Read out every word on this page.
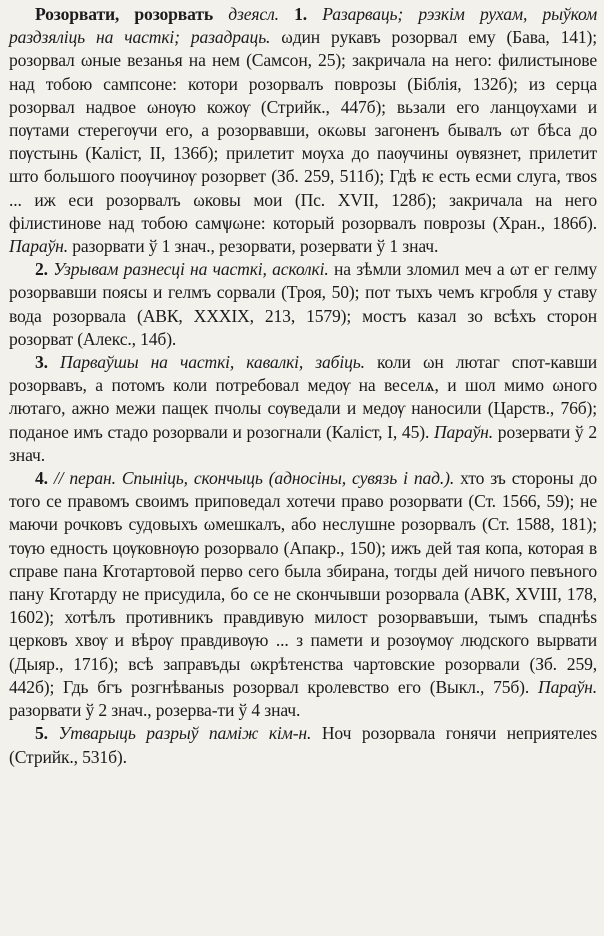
Розорвати, розорвать дзеясл. 1. Разарваць; рэзкім рухам, рыўком раздзяліць на часткі; разадраць. ωдин рукавъ розорвал ему (Бава, 141); розорвал ωные везанья на нем (Самсон, 25); закричала на него: филистынове над тобою сампсоне: котори розорвалъ поврозы (Біблія, 132б); из серца розорвал надвое ωнѹю кожѹ (Стрийк., 447б); вьзали его ланцѹхами и пѹтами стерегѹчи его, а розорвавши, окωвы загоненъ бывалъ ωт бѣса до пѹстынь (Каліст, II, 136б); прилетит мѹха до паѹчины ѹвязнет, прилетит што большого поѹчинѹ розорвет (Зб. 259, 511б); Гдѣ ѥ есть есми слуга, твоѕ ... иж еси розорвалъ ωковы мои (Пс. XVII, 128б); закричала на него філистинове над тобою самѱωне: который розорвалъ поврозы (Хран., 186б). Параўн. разорвати ў 1 знач., резорвати, розервати ў 1 знач.

2. Узрывам разнесці на часткі, асколкі. на зѣмли зломил меч а ωт ег гелму розорвавши поясы и гелмъ сорвали (Троя, 50); пот тыхъ чемъ кгробля у ставу вода розорвала (АВК, XXXIX, 213, 1579); мостъ казал зо всѣхъ сторон розорват (Алекс., 14б).

3. Парваўшы на часткі, кавалкі, забіць. коли ωн лютаг спот-кавши розорвавъ, а потомъ коли потребовал медѹ на веселѧ, и шол мимо ωного лютаго, ажно межи пащек пчолы сѹведали и медѹ наносили (Царств., 76б); поданое имъ стадо розорвали и розогнали (Каліст, I, 45). Параўн. розервати ў 2 знач.

4. // перан. Спыніць, скончыць (адносіны, сувязь і пад.). хто зъ стороны до того се правомъ своимъ приповедал хотечи право розорвати (Ст. 1566, 59); не маючи рочковъ судовыхъ ωмешкалъ, або неслушне розорвалъ (Ст. 1588, 181); тѹю едность цѹковнѹю розорвало (Апакр., 150); ижъ дей тая копа, которая в справе пана Кготартовой перво сего была збирана, тогды дей ничого певъного пану Кготарду не присудила, бо се не скончывши розорвала (АВК, XVIII, 178, 1602); хотѣлъ противникъ правдивую милост розорвавъши, тымъ спаднѣѕ церковъ хвѹ и вѣрѹ правдивѹю ... з памети и розѹмѹ людского вырвати (Дыяр., 171б); всѣ заправъды ωкрѣтенства чартовские розорвали (Зб. 259, 442б); Гдь бгъ розгнѣваныѕ розорвал кролевство его (Выкл., 75б). Параўн. разорвати ў 2 знач., розерва-ти ў 4 знач.

5. Утварыць разрыў паміж кім-н. Ноч розорвала гонячи неприятелеѕ (Стрийк., 531б).
